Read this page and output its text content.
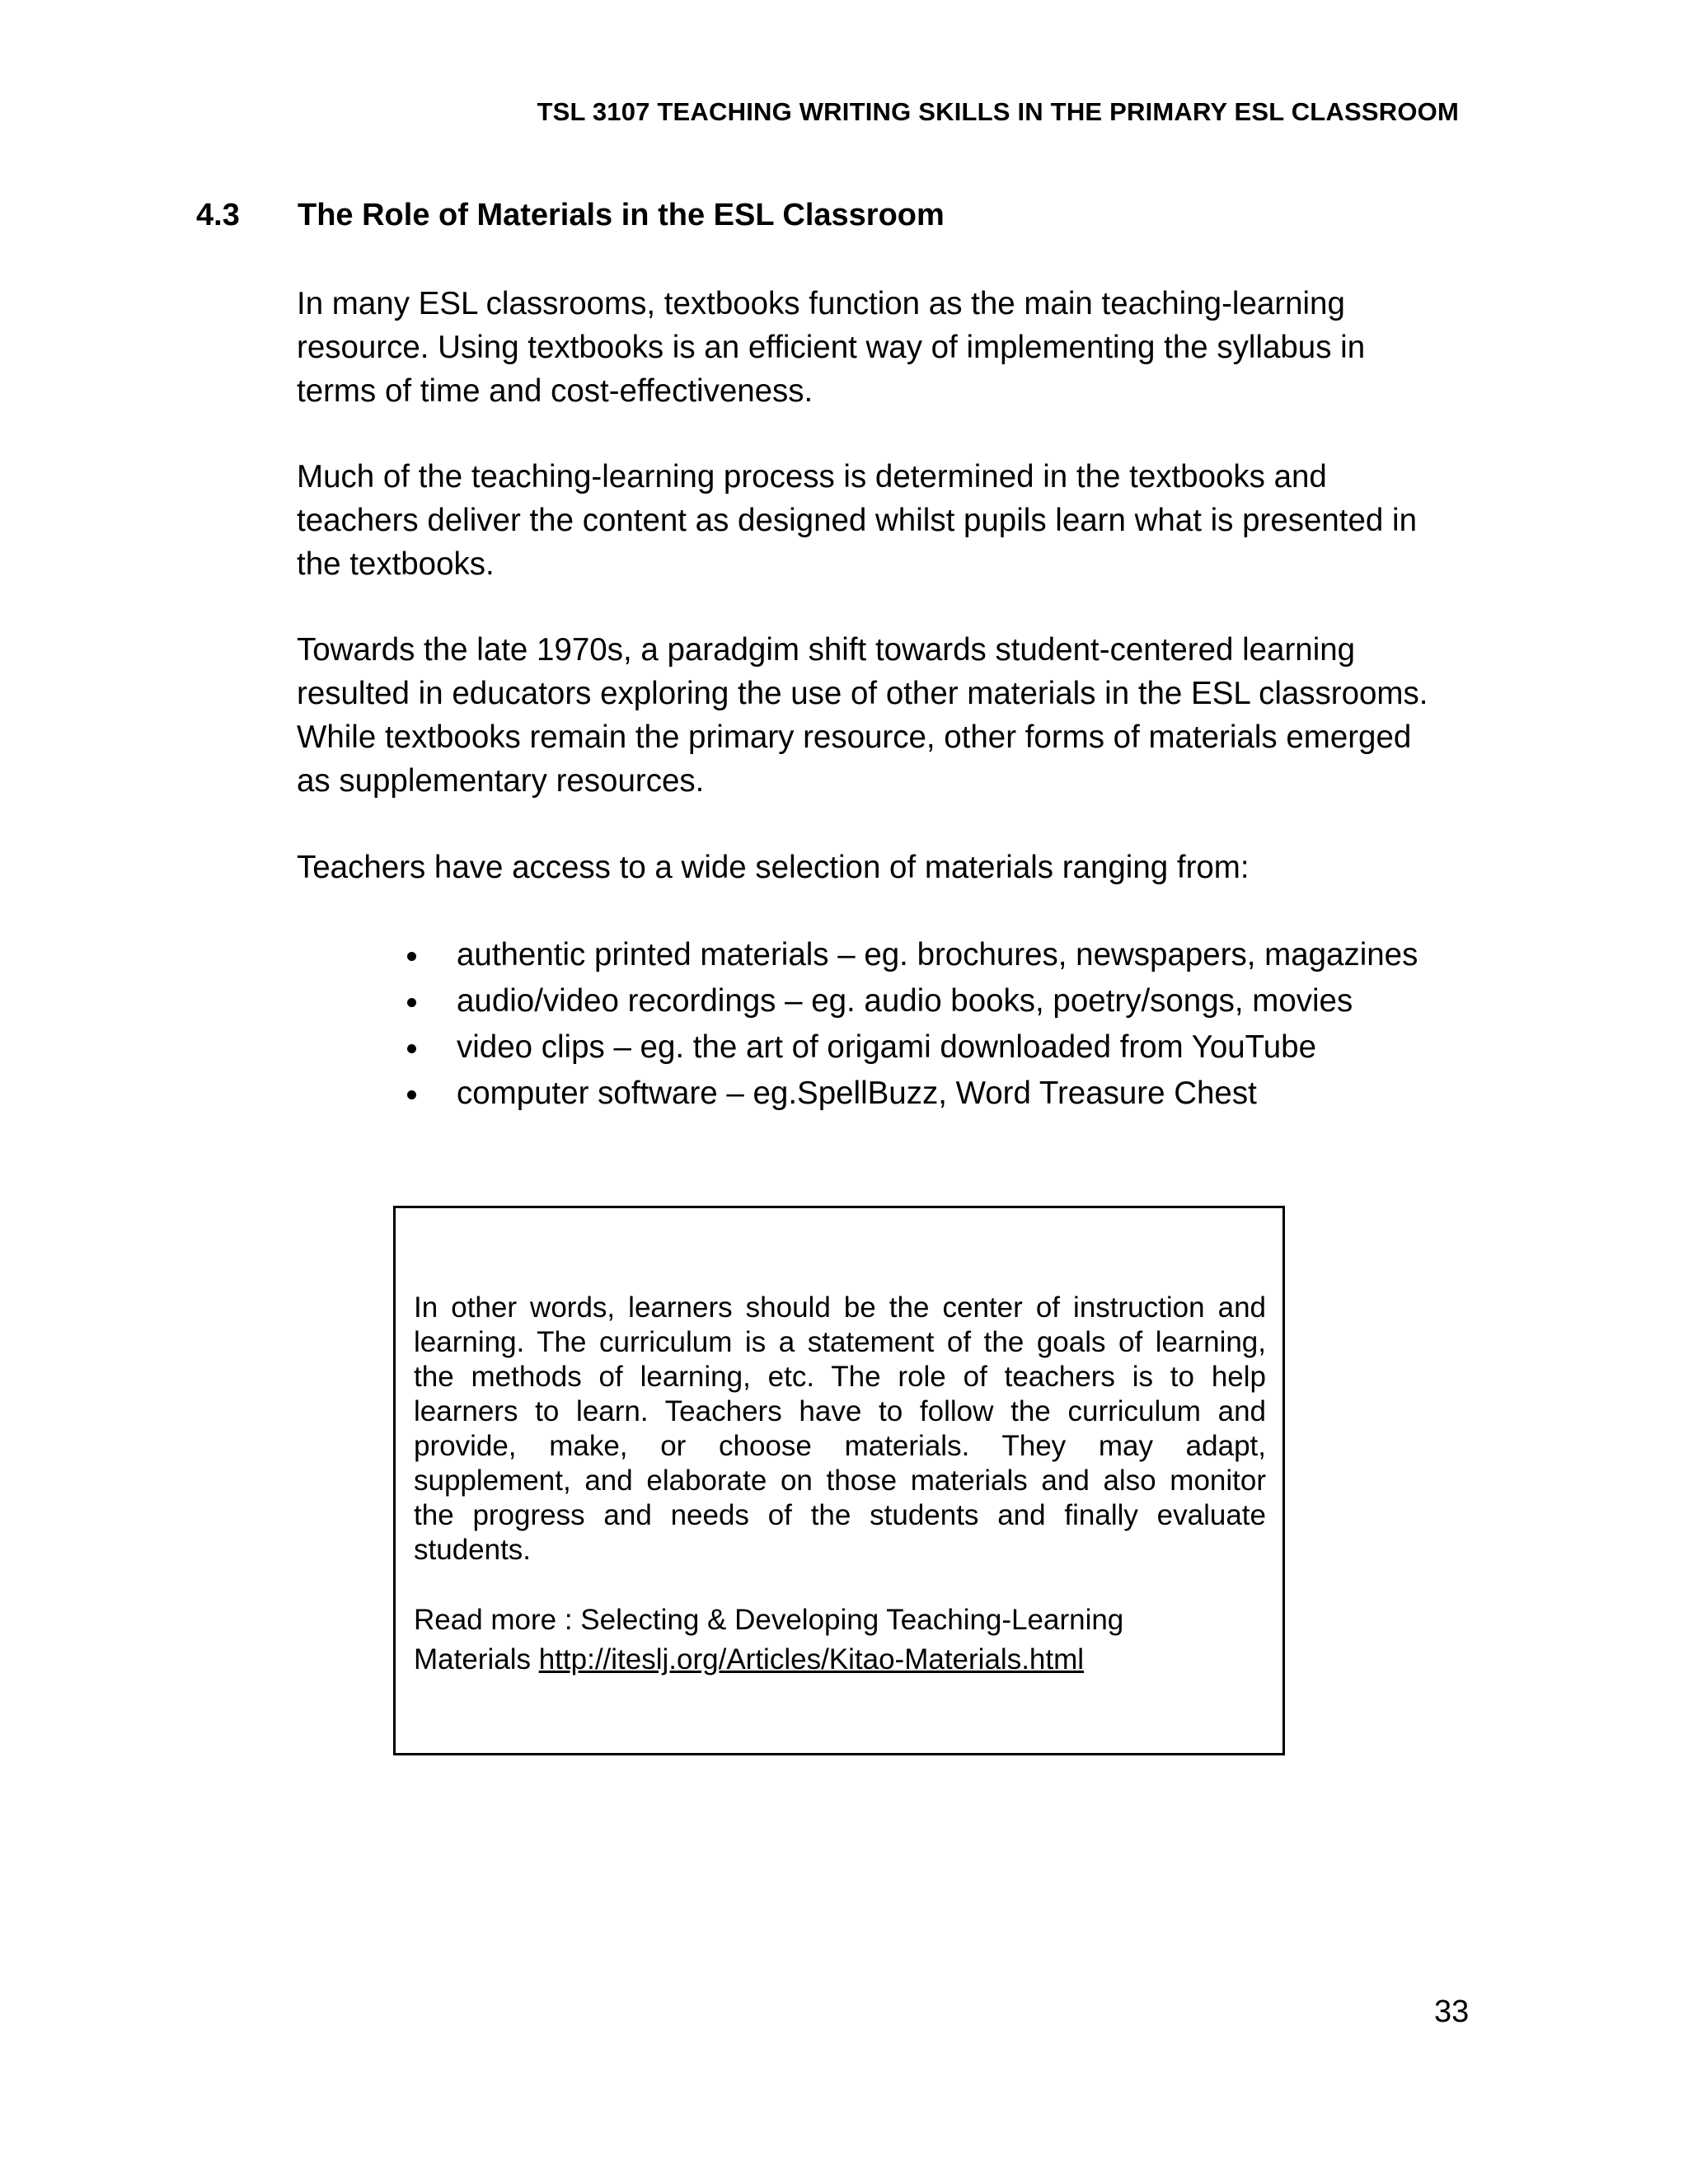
TSL 3107 TEACHING WRITING SKILLS IN THE PRIMARY ESL CLASSROOM
4.3 The Role of Materials in the ESL Classroom
In many ESL classrooms, textbooks function as the main teaching-learning
resource. Using textbooks is an efficient way of implementing the syllabus in
terms of time and cost-effectiveness.
Much of the teaching-learning process is determined in the textbooks and
teachers deliver the content as designed whilst pupils learn what is presented in
the textbooks.
Towards the late 1970s, a paradgim shift towards student-centered learning
resulted in educators exploring the use of other materials in the ESL classrooms.
While textbooks remain the primary resource, other forms of materials emerged
as supplementary resources.
Teachers have access to a wide selection of materials ranging from:
authentic printed materials – eg. brochures, newspapers, magazines
audio/video recordings – eg. audio books, poetry/songs, movies
video clips – eg. the art of origami downloaded from YouTube
computer software – eg.SpellBuzz, Word Treasure Chest
In other words, learners should be the center of instruction and
learning. The curriculum is a statement of the goals of learning,
the methods of learning, etc. The role of teachers is to help
learners to learn. Teachers have to follow the curriculum and
provide, make, or choose materials. They may adapt,
supplement, and elaborate on those materials and also monitor
the progress and needs of the students and finally evaluate
students.
Read more : Selecting & Developing Teaching-Learning
Materials http://iteslj.org/Articles/Kitao-Materials.html
33
